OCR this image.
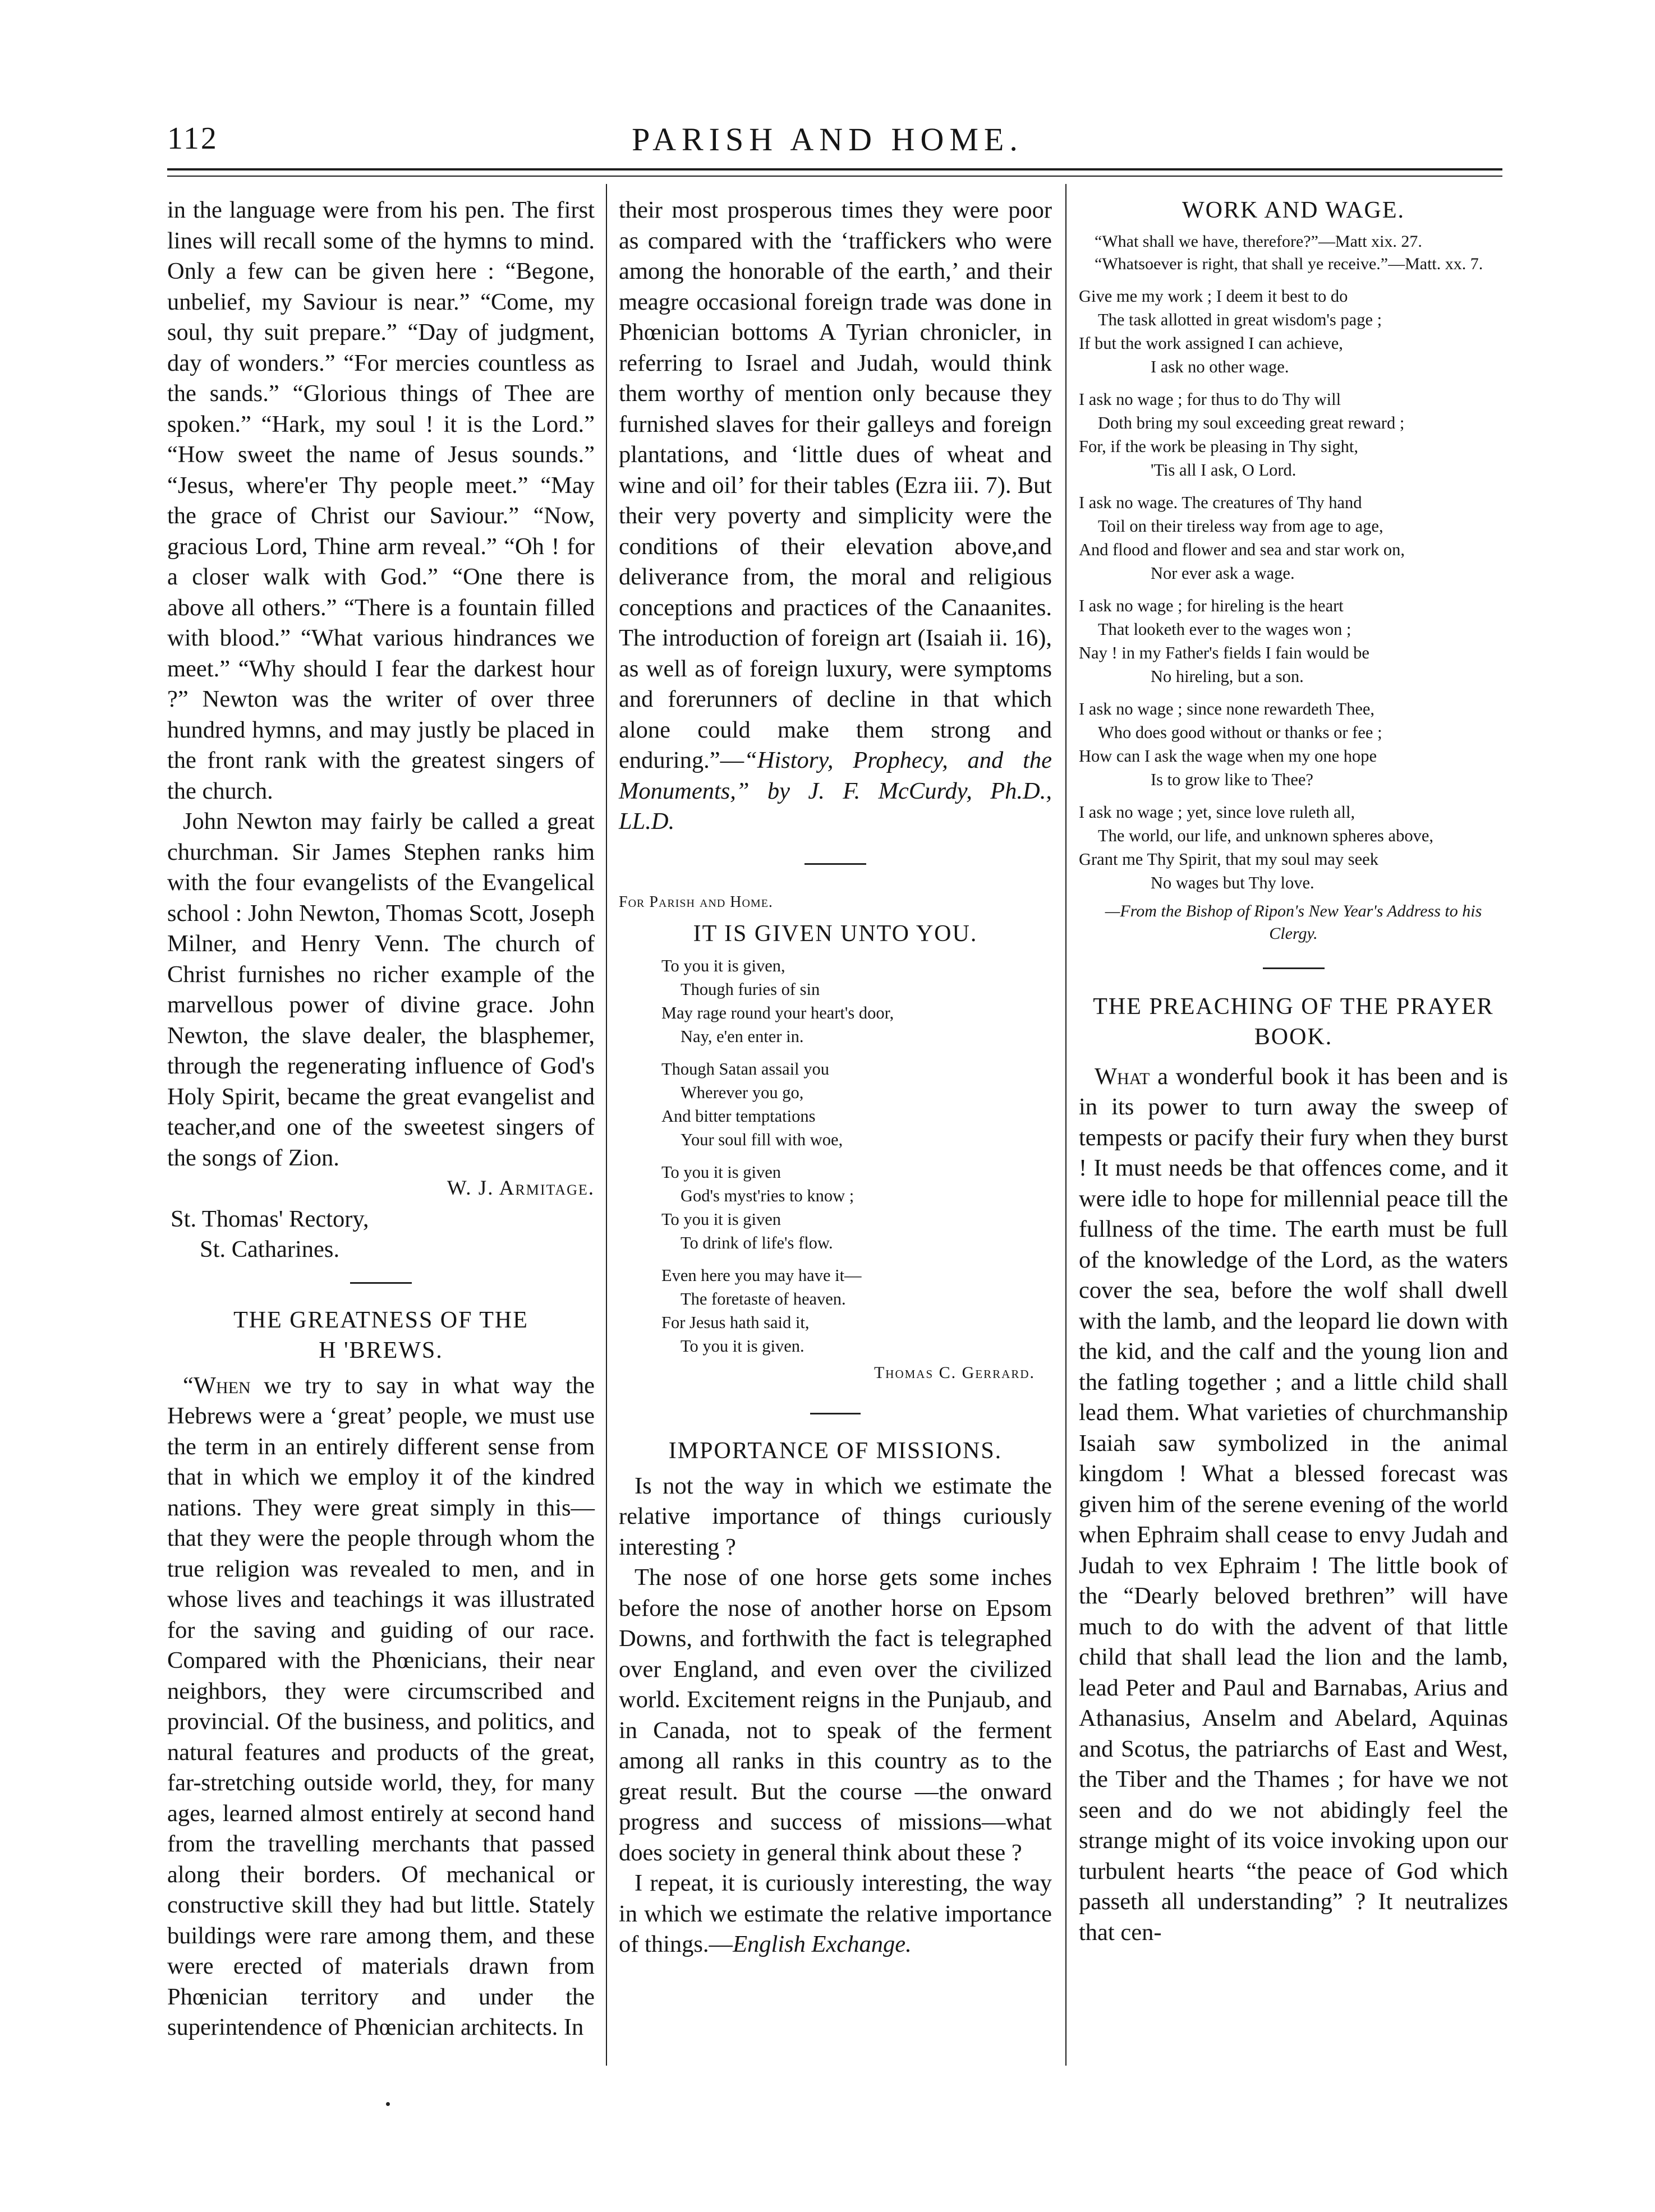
112	PARISH AND HOME.

in the language were from his pen. The first lines will recall some of the hymns to mind. Only a few can be given here : “Begone, unbelief, my Saviour is near.” “Come, my soul, thy suit prepare.” “Day of judgment, day of wonders.” “For mercies countless as the sands.” “Glorious things of Thee are spoken.” “Hark, my soul ! it is the Lord.” “How sweet the name of Jesus sounds.” “Jesus, where'er Thy people meet.” “May the grace of Christ our Saviour.” “Now, gracious Lord, Thine arm reveal.” “Oh ! for a closer walk with God.” “One there is above all others.” “There is a fountain filled with blood.” “What various hindrances we meet.” “Why should I fear the darkest hour ?” Newton was the writer of over three hundred hymns, and may justly be placed in the front rank with the greatest singers of the church.

John Newton may fairly be called a great churchman. Sir James Stephen ranks him with the four evangelists of the Evangelical school : John Newton, Thomas Scott, Joseph Milner, and Henry Venn. The church of Christ furnishes no richer example of the marvellous power of divine grace. John Newton, the slave dealer, the blasphemer, through the regenerating influence of God's Holy Spirit, became the great evangelist and teacher,and one of the sweetest singers of the songs of Zion.

W. J. Armitage.

St. Thomas' Rectory,

St. Catharines.

THE GREATNESS OF THE
H 'BREWS.

“When we try to say in what way the Hebrews were a ‘great’ people, we must use the term in an entirely different sense from that in which we employ it of the kindred nations. They were great simply in this—that they were the people through whom the true religion was revealed to men, and in whose lives and teachings it was illustrated for the saving and guiding of our race. Compared with the Phœnicians, their near neighbors, they were circumscribed and provincial. Of the business, and politics, and natural features and products of the great, far-stretching outside world, they, for many ages, learned almost entirely at second hand from the travelling merchants that passed along their borders. Of mechanical or constructive skill they had but little. Stately buildings were rare among them, and these were erected of materials drawn from Phœnician territory and under the superintendence of Phœnician architects. In

their most prosperous times they were poor as compared with the ‘traffickers who were among the honorable of the earth,’ and their meagre occasional foreign trade was done in Phœnician bottoms A Tyrian chronicler, in referring to Israel and Judah, would think them worthy of mention only because they furnished slaves for their galleys and foreign plantations, and ‘little dues of wheat and wine and oil’ for their tables (Ezra iii. 7). But their very poverty and simplicity were the conditions of their elevation above,and deliverance from, the moral and religious conceptions and practices of the Canaanites. The introduction of foreign art (Isaiah ii. 16), as well as of foreign luxury, were symptoms and forerunners of decline in that which alone could make them strong and enduring.”—“History, Prophecy, and the Monuments,” by J. F. McCurdy, Ph.D., LL.D.

For Parish and Home.
IT IS GIVEN UNTO YOU.
To you it is given,
Though furies of sin
May rage round your heart's door,
Nay, e'en enter in.
Though Satan assail you
Wherever you go,
And bitter temptations
Your soul fill with woe,
To you it is given
God's myst'ries to know ;
To you it is given
To drink of life's flow.
Even here you may have it—
The foretaste of heaven.
For Jesus hath said it,
To you it is given.

Thomas C. Gerrard.

IMPORTANCE OF MISSIONS.

Is not the way in which we estimate the relative importance of things curiously interesting ?

The nose of one horse gets some inches before the nose of another horse on Epsom Downs, and forthwith the fact is telegraphed over England, and even over the civilized world. Excitement reigns in the Punjaub, and in Canada, not to speak of the ferment among all ranks in this country as to the great result. But the course —the onward progress and success of missions—what does society in general think about these ?

I repeat, it is curiously interesting, the way in which we estimate the relative importance of things.—English Exchange.

WORK AND WAGE.

“What shall we have, therefore?”—Matt xix. 27.

“Whatsoever is right, that shall ye receive.”—Matt. xx. 7.

Give me my work ; I deem it best to do
The task allotted in great wisdom's page ;
If but the work assigned I can achieve,
I ask no other wage.
I ask no wage ; for thus to do Thy will
Doth bring my soul exceeding great reward ;
For, if the work be pleasing in Thy sight,
'Tis all I ask, O Lord.
I ask no wage. The creatures of Thy hand
Toil on their tireless way from age to age,
And flood and flower and sea and star work on,
Nor ever ask a wage.
I ask no wage ; for hireling is the heart
That looketh ever to the wages won ;
Nay ! in my Father's fields I fain would be
No hireling, but a son.
I ask no wage ; since none rewardeth Thee,
Who does good without or thanks or fee ;
How can I ask the wage when my one hope
Is to grow like to Thee?
I ask no wage ; yet, since love ruleth all,
The world, our life, and unknown spheres above,
Grant me Thy Spirit, that my soul may seek
No wages but Thy love.

—From the Bishop of Ripon's New Year's Address to his Clergy.

THE PREACHING OF THE PRAYER
BOOK.

What a wonderful book it has been and is in its power to turn away the sweep of tempests or pacify their fury when they burst ! It must needs be that offences come, and it were idle to hope for millennial peace till the fullness of the time. The earth must be full of the knowledge of the Lord, as the waters cover the sea, before the wolf shall dwell with the lamb, and the leopard lie down with the kid, and the calf and the young lion and the fatling together ; and a little child shall lead them. What varieties of churchmanship Isaiah saw symbolized in the animal kingdom ! What a blessed forecast was given him of the serene evening of the world when Ephraim shall cease to envy Judah and Judah to vex Ephraim ! The little book of the “Dearly beloved brethren” will have much to do with the advent of that little child that shall lead the lion and the lamb, lead Peter and Paul and Barnabas, Arius and Athanasius, Anselm and Abelard, Aquinas and Scotus, the patriarchs of East and West, the Tiber and the Thames ; for have we not seen and do we not abidingly feel the strange might of its voice invoking upon our turbulent hearts “the peace of God which passeth all understanding” ? It neutralizes that cen-
